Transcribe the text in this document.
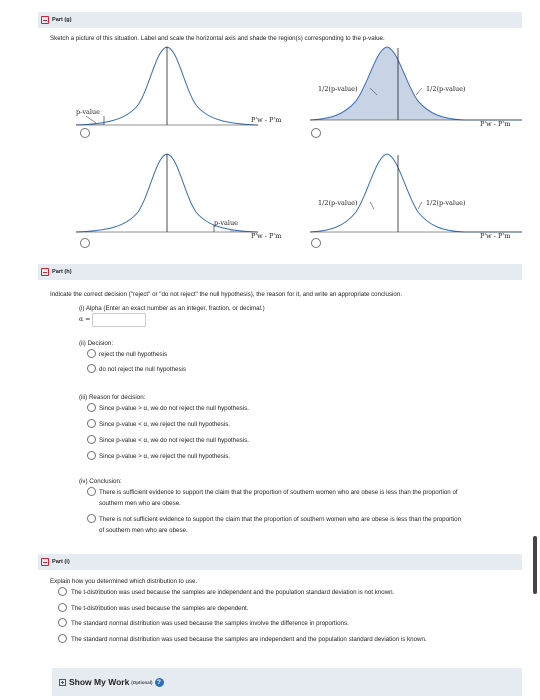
Part (g)
Sketch a picture of this situation. Label and scale the horizontal axis and shade the region(s) corresponding to the p-value.
p-value
P'w - P'm
1/2(p-value)	1/2(p-value)
P'w - P'm
p-value
P'w - P'm
1/2(p-value)	1/2(p-value)
P'w - P'm
Part (h)
Indicate the correct decision ("reject" or "do not reject" the null hypothesis), the reason for it, and write an appropriate conclusion.
(i) Alpha (Enter an exact number as an integer, fraction, or decimal.)
α =
(ii) Decision:
reject the null hypothesis
do not reject the null hypothesis
(iii) Reason for decision:
Since p-value > α, we do not reject the null hypothesis.
Since p-value < α, we reject the null hypothesis.
Since p-value < α, we do not reject the null hypothesis.
Since p-value > α, we reject the null hypothesis.
(iv) Conclusion:
There is sufficient evidence to support the claim that the proportion of southern women who are obese is less than the proportion of
southern men who are obese.
There is not sufficient evidence to support the claim that the proportion of southern women who are obese is less than the proportion
of southern men who are obese.
Part (i)
Explain how you determined which distribution to use.
The t-distribution was used because the samples are independent and the population standard deviation is not known.
The t-distribution was used because the samples are dependent.
The standard normal distribution was used because the samples involve the difference in proportions.
The standard normal distribution was used because the samples are independent and the population standard deviation is known.
Show My Work (Optional) ?
